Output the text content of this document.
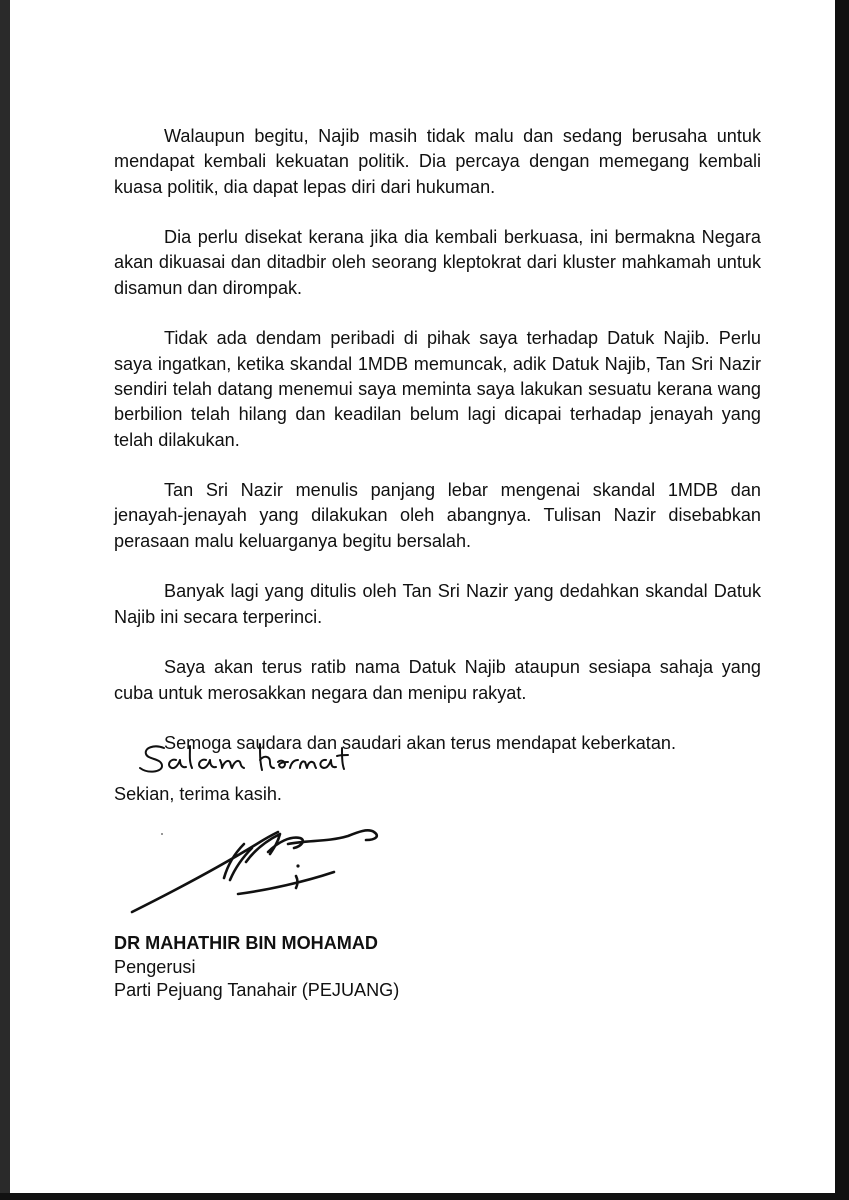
Walaupun begitu, Najib masih tidak malu dan sedang berusaha untuk mendapat kembali kekuatan politik. Dia percaya dengan memegang kembali kuasa politik, dia dapat lepas diri dari hukuman.

Dia perlu disekat kerana jika dia kembali berkuasa, ini bermakna Negara akan dikuasai dan ditadbir oleh seorang kleptokrat dari kluster mahkamah untuk disamun dan dirompak.

Tidak ada dendam peribadi di pihak saya terhadap Datuk Najib. Perlu saya ingatkan, ketika skandal 1MDB memuncak, adik Datuk Najib, Tan Sri Nazir sendiri telah datang menemui saya meminta saya lakukan sesuatu kerana wang berbilion telah hilang dan keadilan belum lagi dicapai terhadap jenayah yang telah dilakukan.

Tan Sri Nazir menulis panjang lebar mengenai skandal 1MDB dan jenayah-jenayah yang dilakukan oleh abangnya. Tulisan Nazir disebabkan perasaan malu keluarganya begitu bersalah.

Banyak lagi yang ditulis oleh Tan Sri Nazir yang dedahkan skandal Datuk Najib ini secara terperinci.

Saya akan terus ratib nama Datuk Najib ataupun sesiapa sahaja yang cuba untuk merosakkan negara dan menipu rakyat.

Semoga saudara dan saudari akan terus mendapat keberkatan.

Sekian, terima kasih.

DR MAHATHIR BIN MOHAMAD
Pengerusi
Parti Pejuang Tanahair (PEJUANG)
